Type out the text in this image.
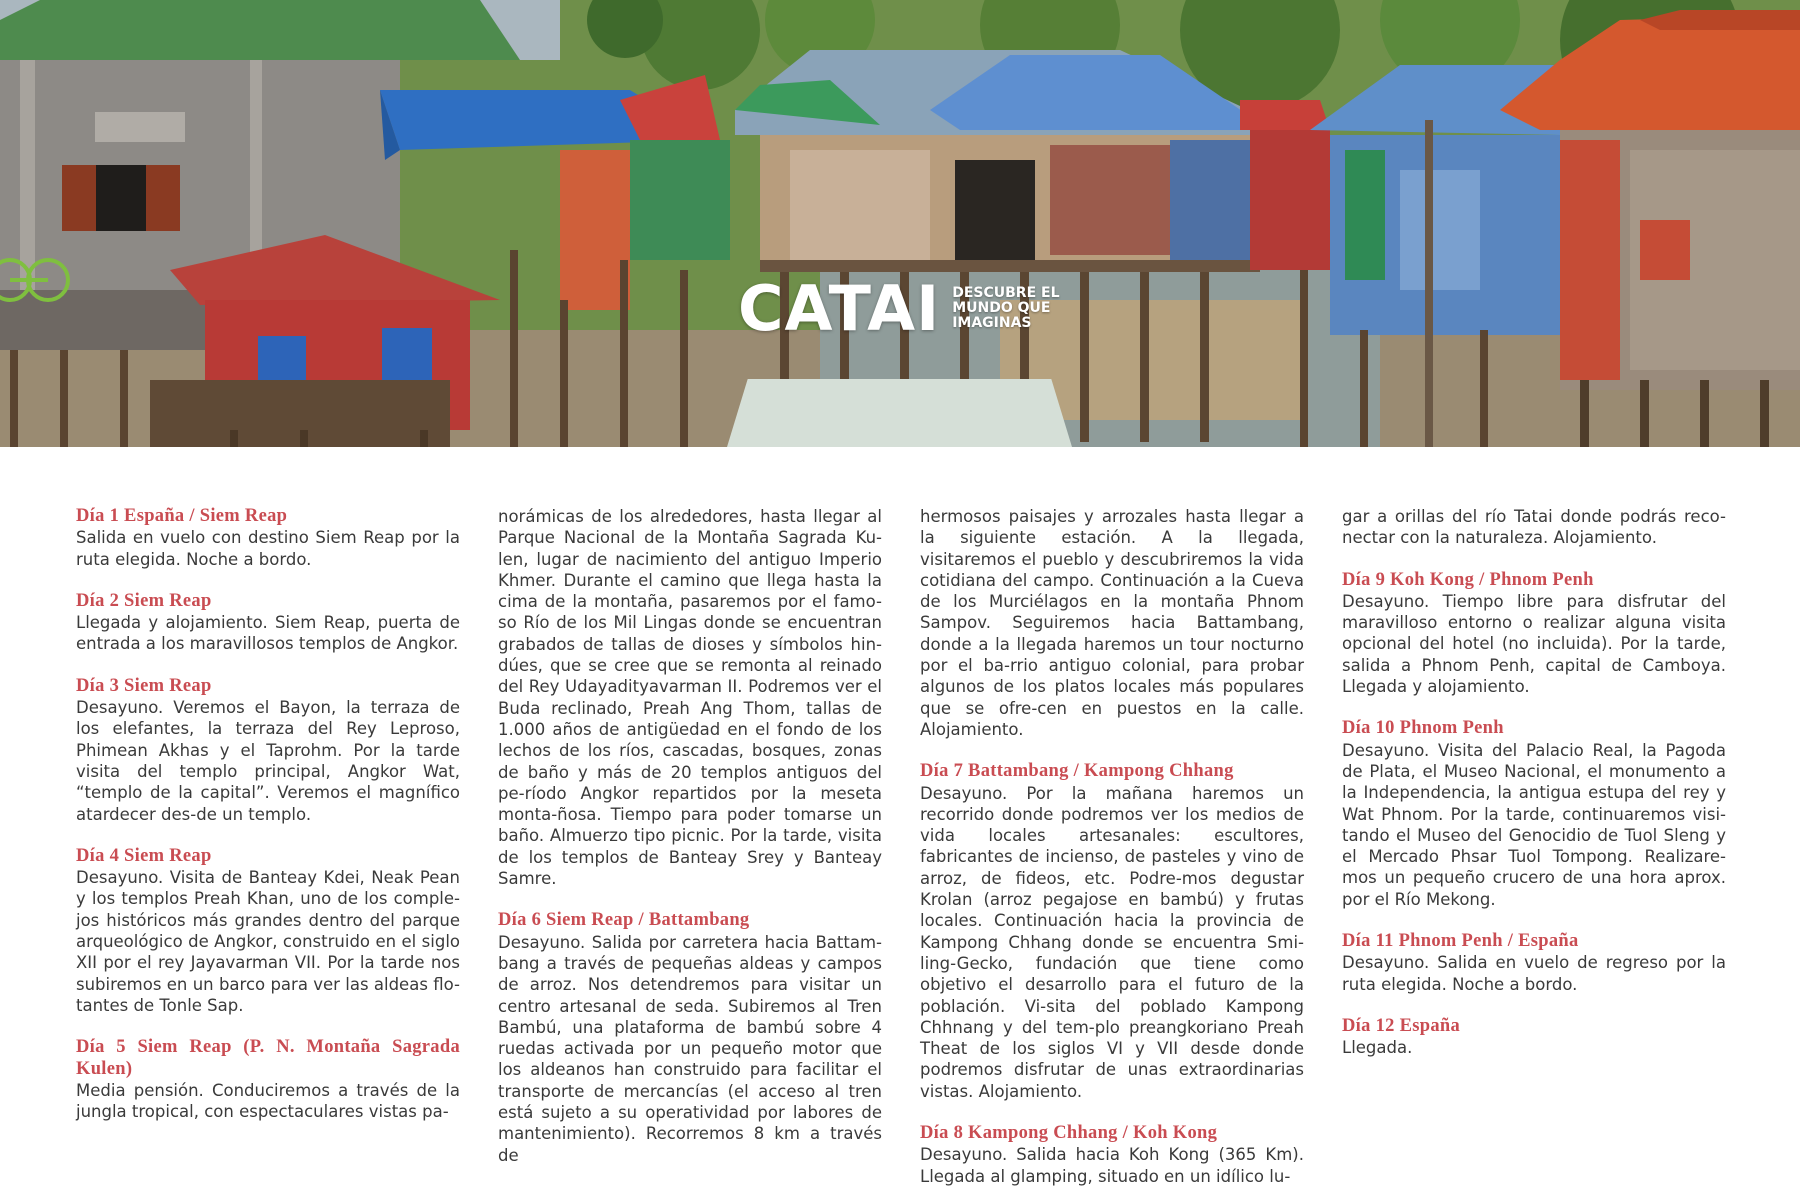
CATAI DESCUBRE EL MUNDO QUE IMAGINAS
Día 1 España / Siem Reap
Salida en vuelo con destino Siem Reap por la ruta elegida. Noche a bordo.
Día 2 Siem Reap
Llegada y alojamiento. Siem Reap, puerta de entrada a los maravillosos templos de Angkor.
Día 3 Siem Reap
Desayuno. Veremos el Bayon, la terraza de los elefantes, la terraza del Rey Leproso, Phimean Akhas y el Taprohm. Por la tarde visita del templo principal, Angkor Wat, “templo de la capital”. Veremos el magnífico atardecer des-de un templo.
Día 4 Siem Reap
Desayuno. Visita de Banteay Kdei, Neak Pean y los templos Preah Khan, uno de los comple-jos históricos más grandes dentro del parque arqueológico de Angkor, construido en el siglo XII por el rey Jayavarman VII. Por la tarde nos subiremos en un barco para ver las aldeas flo-tantes de Tonle Sap.
Día 5 Siem Reap (P. N. Montaña Sagrada Kulen)
Media pensión. Conduciremos a través de la jungla tropical, con espectaculares vistas pa-
norámicas de los alrededores, hasta llegar al Parque Nacional de la Montaña Sagrada Ku-len, lugar de nacimiento del antiguo Imperio Khmer. Durante el camino que llega hasta la cima de la montaña, pasaremos por el famo-so Río de los Mil Lingas donde se encuentran grabados de tallas de dioses y símbolos hin-dúes, que se cree que se remonta al reinado del Rey Udayadityavarman II. Podremos ver el Buda reclinado, Preah Ang Thom, tallas de 1.000 años de antigüedad en el fondo de los lechos de los ríos, cascadas, bosques, zonas de baño y más de 20 templos antiguos del pe-ríodo Angkor repartidos por la meseta monta-ñosa. Tiempo para poder tomarse un baño. Almuerzo tipo picnic. Por la tarde, visita de los templos de Banteay Srey y Banteay Samre.
Día 6 Siem Reap / Battambang
Desayuno. Salida por carretera hacia Battam-bang a través de pequeñas aldeas y campos de arroz. Nos detendremos para visitar un centro artesanal de seda. Subiremos al Tren Bambú, una plataforma de bambú sobre 4 ruedas activada por un pequeño motor que los aldeanos han construido para facilitar el transporte de mercancías (el acceso al tren está sujeto a su operatividad por labores de mantenimiento). Recorremos 8 km a través de
hermosos paisajes y arrozales hasta llegar a la siguiente estación. A la llegada, visitaremos el pueblo y descubriremos la vida cotidiana del campo. Continuación a la Cueva de los Murciélagos en la montaña Phnom Sampov. Seguiremos hacia Battambang, donde a la llegada haremos un tour nocturno por el ba-rrio antiguo colonial, para probar algunos de los platos locales más populares que se ofre-cen en puestos en la calle. Alojamiento.
Día 7 Battambang / Kampong Chhang
Desayuno. Por la mañana haremos un recorrido donde podremos ver los medios de vida locales artesanales: escultores, fabricantes de incienso, de pasteles y vino de arroz, de fideos, etc. Podre-mos degustar Krolan (arroz pegajose en bambú) y frutas locales. Continuación hacia la provincia de Kampong Chhang donde se encuentra Smi-ling-Gecko, fundación que tiene como objetivo el desarrollo para el futuro de la población. Vi-sita del poblado Kampong Chhnang y del tem-plo preangkoriano Preah Theat de los siglos VI y VII desde donde podremos disfrutar de unas extraordinarias vistas. Alojamiento.
Día 8 Kampong Chhang / Koh Kong
Desayuno. Salida hacia Koh Kong (365 Km). Llegada al glamping, situado en un idílico lu-
gar a orillas del río Tatai donde podrás reco-nectar con la naturaleza. Alojamiento.
Día 9 Koh Kong / Phnom Penh
Desayuno. Tiempo libre para disfrutar del maravilloso entorno o realizar alguna visita opcional del hotel (no incluida). Por la tarde, salida a Phnom Penh, capital de Camboya. Llegada y alojamiento.
Día 10 Phnom Penh
Desayuno. Visita del Palacio Real, la Pagoda de Plata, el Museo Nacional, el monumento a la Independencia, la antigua estupa del rey y Wat Phnom. Por la tarde, continuaremos visi-tando el Museo del Genocidio de Tuol Sleng y el Mercado Phsar Tuol Tompong. Realizare-mos un pequeño crucero de una hora aprox. por el Río Mekong.
Día 11 Phnom Penh / España
Desayuno. Salida en vuelo de regreso por la ruta elegida. Noche a bordo.
Día 12 España
Llegada.
